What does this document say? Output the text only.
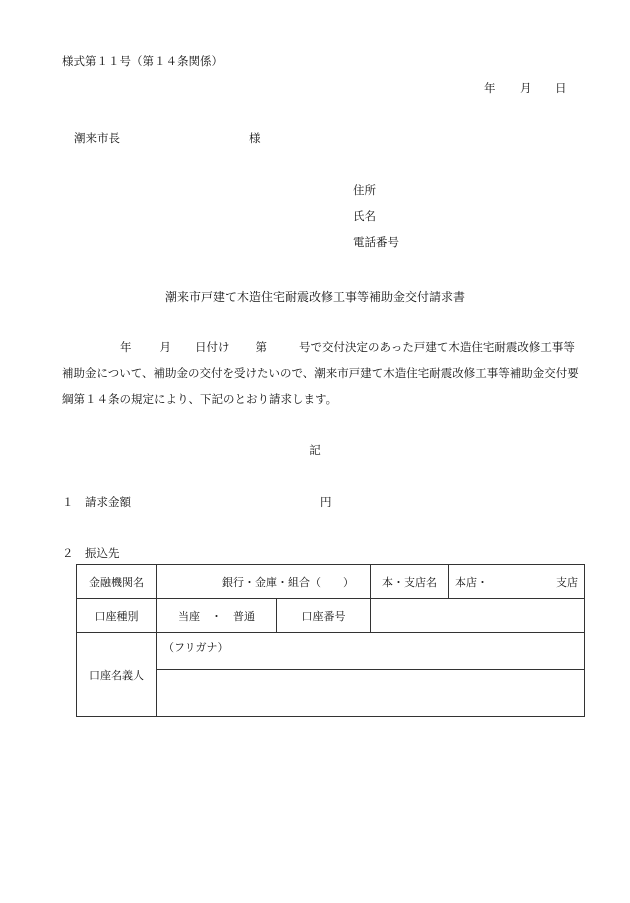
様式第１１号（第１４条関係）
年 月 日
潮来市長	様
住所
氏名
電話番号
潮来市戸建て木造住宅耐震改修工事等補助金交付請求書
年 月 日付け 第	号で交付決定のあった戸建て木造住宅耐震改修工事等補助金について、補助金の交付を受けたいので、潮来市戸建て木造住宅耐震改修工事等補助金交付要綱第１４条の規定により、下記のとおり請求します。
記
１　請求金額	円
２　振込先
金融機関名	銀行・金庫・組合（　　）		本・支店名	本店・ 支店

口座種別	当座　・　普通	口座番号		
口座名義人	（フリガナ）			
